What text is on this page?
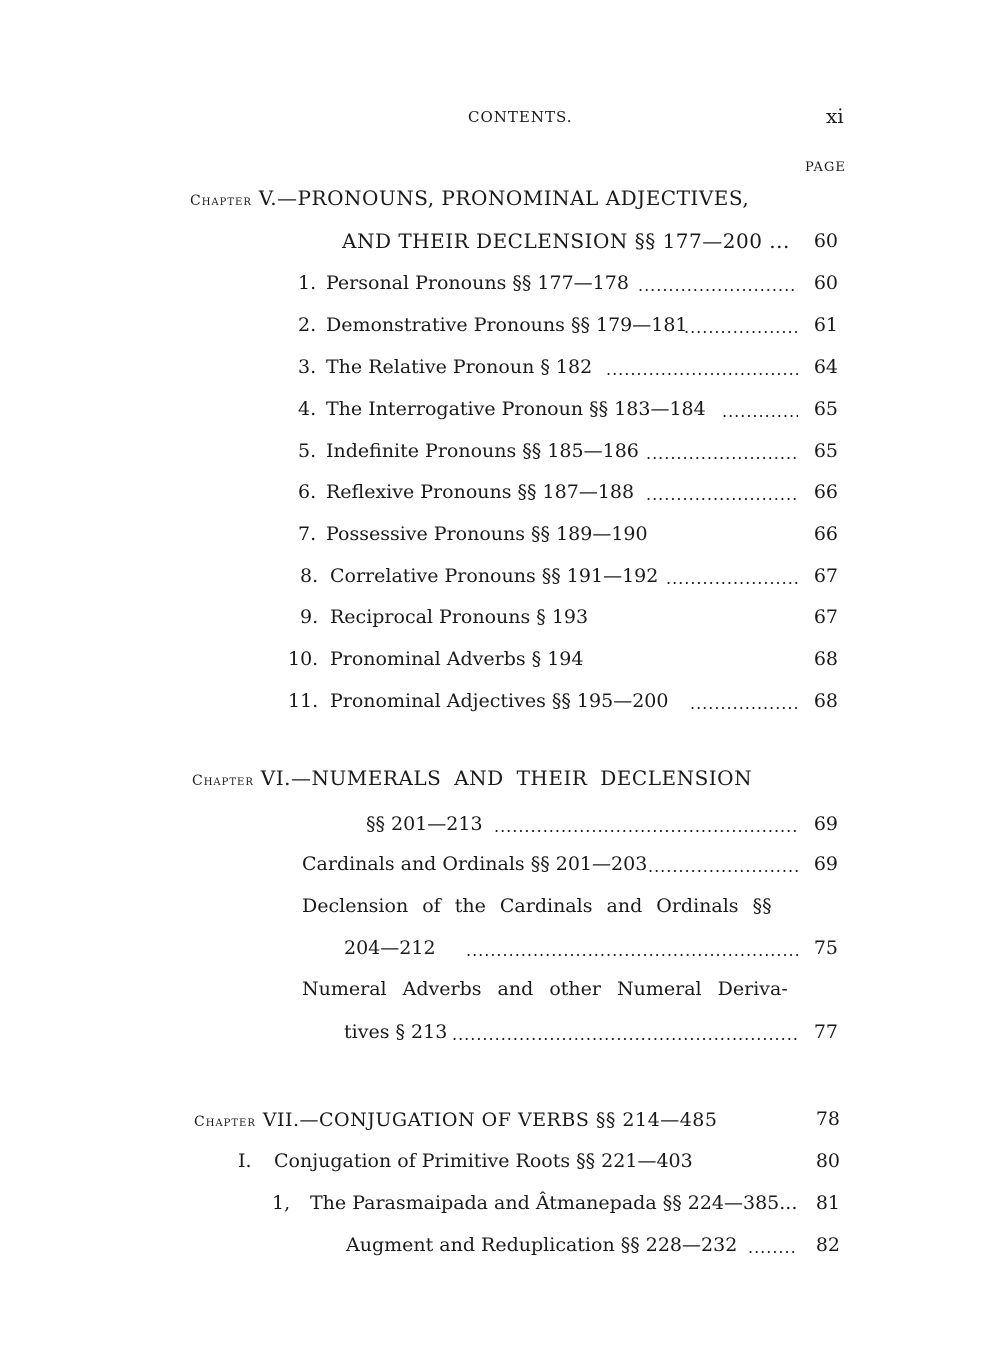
CONTENTS.	xi
PAGE
Chapter V.—PRONOUNS, PRONOMINAL ADJECTIVES,
AND THEIR DECLENSION §§ 177—200 ...	60
1. Personal Pronouns §§ 177—178 .....	60
2. Demonstrative Pronouns §§ 179—181 .....	61
3. The Relative Pronoun § 182 .....	64
4. The Interrogative Pronoun §§ 183—184 .....	65
5. Indefinite Pronouns §§ 185—186 .....	65
6. Reflexive Pronouns §§ 187—188 .....	66
7. Possessive Pronouns §§ 189—190	66
8. Correlative Pronouns §§ 191—192 .....	67
9. Reciprocal Pronouns § 193	67
10. Pronominal Adverbs § 194	68
11. Pronominal Adjectives §§ 195—200 .....	68
Chapter VI.—NUMERALS AND THEIR DECLENSION
§§ 201—213 .....	69
Cardinals and Ordinals §§ 201—203 .....	69
Declension of the Cardinals and Ordinals §§
204—212 .....	75
Numeral Adverbs and other Numeral Deriva-
tives § 213 .....	77
Chapter VII.—CONJUGATION OF VERBS §§ 214—485	78
I. Conjugation of Primitive Roots §§ 221—403	80
1, The Parasmaipada and Âtmanepada §§ 224—385... 81
Augment and Reduplication §§ 228—232 .....	82
